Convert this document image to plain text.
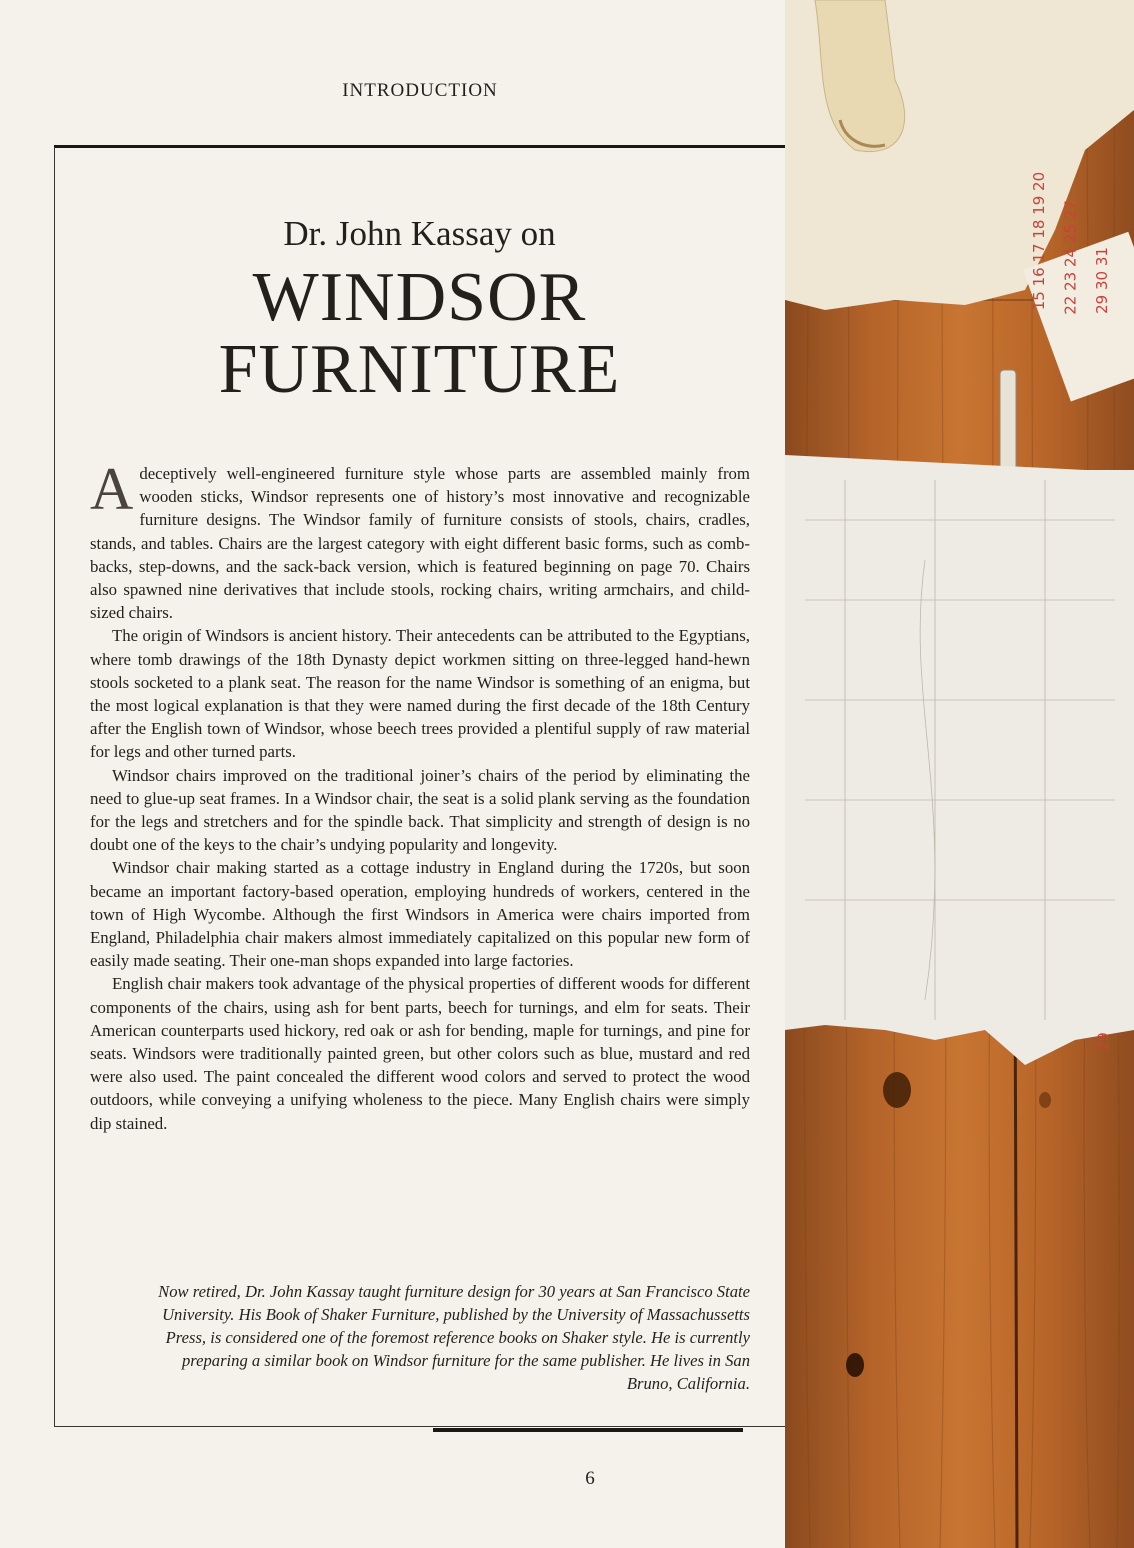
INTRODUCTION
Dr. John Kassay on
WINDSOR
FURNITURE

Adeceptively well-engineered furniture style whose parts are assembled mainly from wooden sticks, Windsor represents one of history’s most innovative and recognizable furniture designs. The Windsor family of furniture consists of stools, chairs, cradles, stands, and tables. Chairs are the largest category with eight different basic forms, such as comb-backs, step-downs, and the sack-back version, which is featured beginning on page 70. Chairs also spawned nine derivatives that include stools, rocking chairs, writing armchairs, and child-sized chairs.

The origin of Windsors is ancient history. Their antecedents can be attributed to the Egyptians, where tomb drawings of the 18th Dynasty depict workmen sitting on three-legged hand-hewn stools socketed to a plank seat. The reason for the name Windsor is something of an enigma, but the most logical explanation is that they were named during the first decade of the 18th Century after the English town of Windsor, whose beech trees provided a plentiful supply of raw material for legs and other turned parts.

Windsor chairs improved on the traditional joiner’s chairs of the period by eliminating the need to glue-up seat frames. In a Windsor chair, the seat is a solid plank serving as the foundation for the legs and stretchers and for the spindle back. That simplicity and strength of design is no doubt one of the keys to the chair’s undying popularity and longevity.

Windsor chair making started as a cottage industry in England during the 1720s, but soon became an important factory-based operation, employing hundreds of workers, centered in the town of High Wycombe. Although the first Windsors in America were chairs imported from England, Philadelphia chair makers almost immediately capitalized on this popular new form of easily made seating. Their one-man shops expanded into large factories.

English chair makers took advantage of the physical properties of different woods for different components of the chairs, using ash for bent parts, beech for turnings, and elm for seats. Their American counterparts used hickory, red oak or ash for bending, maple for turnings, and pine for seats. Windsors were traditionally painted green, but other colors such as blue, mustard and red were also used. The paint concealed the different wood colors and served to protect the wood outdoors, while conveying a unifying wholeness to the piece. Many English chairs were simply dip stained.

Now retired, Dr. John Kassay taught furniture design for 30 years at San Francisco State University. His Book of Shaker Furniture, published by the University of Massachussetts Press, is considered one of the foremost reference books on Shaker style. He is currently preparing a similar book on Windsor furniture for the same publisher. He lives in San Bruno, California.
6
15 16 17 18 19 20 22 23 24 25 27 29 30 31
29
